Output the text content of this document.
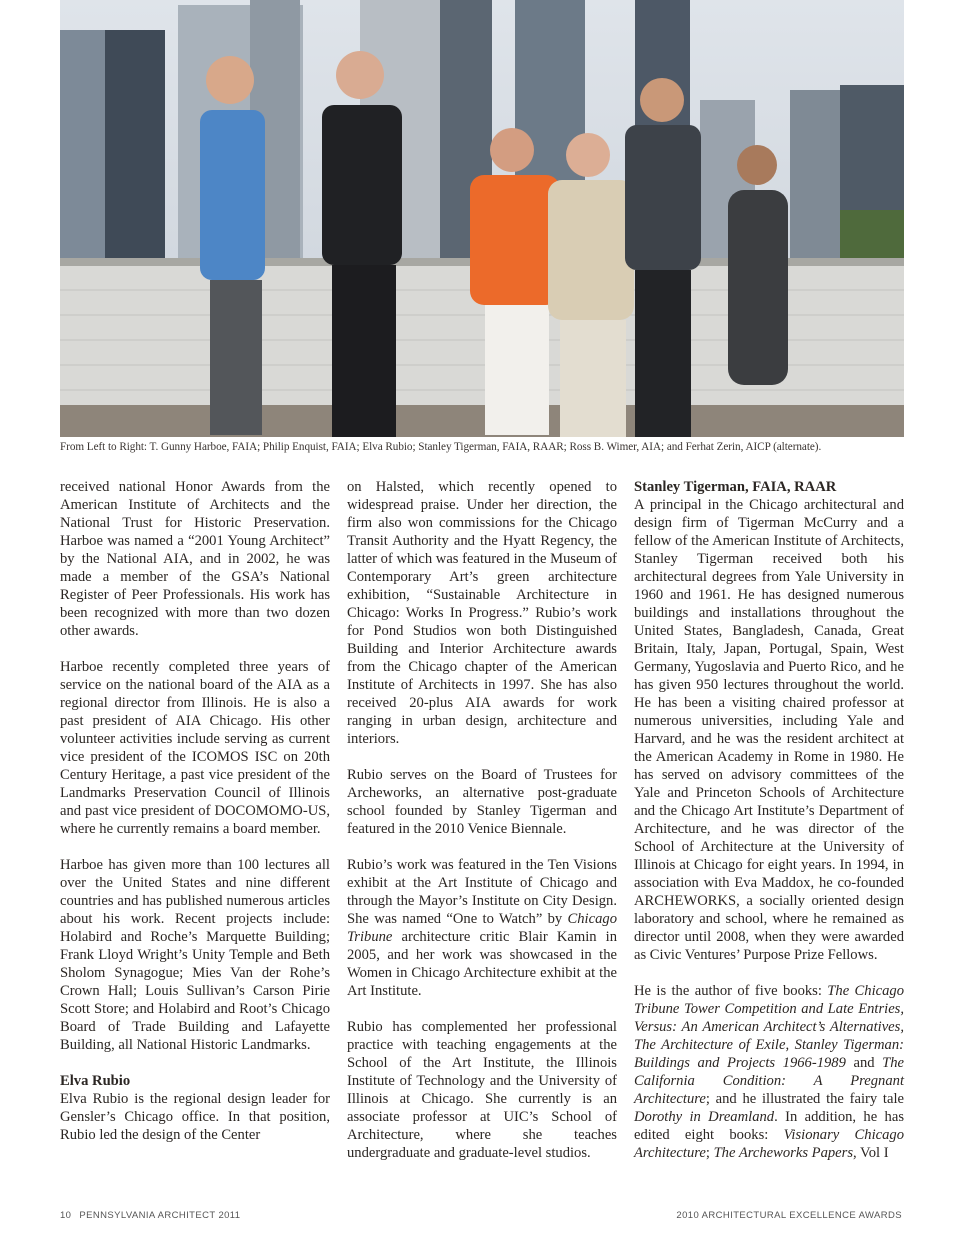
From Left to Right: T. Gunny Harboe, FAIA; Philip Enquist, FAIA; Elva Rubio; Stanley Tigerman, FAIA, RAAR; Ross B. Wimer, AIA; and Ferhat Zerin, AICP (alternate).

received national Honor Awards from the American Institute of Architects and the National Trust for Historic Preservation. Harboe was named a “2001 Young Architect” by the National AIA, and in 2002, he was made a member of the GSA’s National Register of Peer Professionals. His work has been recognized with more than two dozen other awards.

Harboe recently completed three years of service on the national board of the AIA as a regional director from Illinois. He is also a past president of AIA Chicago. His other volunteer activities include serving as current vice president of the ICOMOS ISC on 20th Century Heritage, a past vice president of the Landmarks Preservation Council of Illinois and past vice president of DOCOMOMO-US, where he currently remains a board member.

Harboe has given more than 100 lectures all over the United States and nine different countries and has published numerous articles about his work. Recent projects include: Holabird and Roche’s Marquette Building; Frank Lloyd Wright’s Unity Temple and Beth Sholom Synagogue; Mies Van der Rohe’s Crown Hall; Louis Sullivan’s Carson Pirie Scott Store; and Holabird and Root’s Chicago Board of Trade Building and Lafayette Building, all National Historic Landmarks.

Elva Rubio

Elva Rubio is the regional design leader for Gensler’s Chicago office. In that position, Rubio led the design of the Center

on Halsted, which recently opened to widespread praise. Under her direction, the firm also won commissions for the Chicago Transit Authority and the Hyatt Regency, the latter of which was featured in the Museum of Contemporary Art’s green architecture exhibition, “Sustainable Architecture in Chicago: Works In Progress.” Rubio’s work for Pond Studios won both Distinguished Building and Interior Architecture awards from the Chicago chapter of the American Institute of Architects in 1997. She has also received 20-plus AIA awards for work ranging in urban design, architecture and interiors.

Rubio serves on the Board of Trustees for Archeworks, an alternative post-graduate school founded by Stanley Tigerman and featured in the 2010 Venice Biennale.

Rubio’s work was featured in the Ten Visions exhibit at the Art Institute of Chicago and through the Mayor’s Institute on City Design. She was named “One to Watch” by Chicago Tribune architecture critic Blair Kamin in 2005, and her work was showcased in the Women in Chicago Architecture exhibit at the Art Institute.

Rubio has complemented her professional practice with teaching engagements at the School of the Art Institute, the Illinois Institute of Technology and the University of Illinois at Chicago. She currently is an associate professor at UIC’s School of Architecture, where she teaches undergraduate and graduate-level studios.

Stanley Tigerman, FAIA, RAAR

A principal in the Chicago architectural and design firm of Tigerman McCurry and a fellow of the American Institute of Architects, Stanley Tigerman received both his architectural degrees from Yale University in 1960 and 1961. He has designed numerous buildings and installations throughout the United States, Bangladesh, Canada, Great Britain, Italy, Japan, Portugal, Spain, West Germany, Yugoslavia and Puerto Rico, and he has given 950 lectures throughout the world. He has been a visiting chaired professor at numerous universities, including Yale and Harvard, and he was the resident architect at the American Academy in Rome in 1980. He has served on advisory committees of the Yale and Princeton Schools of Architecture and the Chicago Art Institute’s Department of Architecture, and he was director of the School of Architecture at the University of Illinois at Chicago for eight years. In 1994, in association with Eva Maddox, he co-founded ARCHEWORKS, a socially oriented design laboratory and school, where he remained as director until 2008, when they were awarded as Civic Ventures’ Purpose Prize Fellows.

He is the author of five books: The Chicago Tribune Tower Competition and Late Entries, Versus: An American Architect’s Alternatives, The Architecture of Exile, Stanley Tigerman: Buildings and Projects 1966-1989 and The California Condition: A Pregnant Architecture; and he illustrated the fairy tale Dorothy in Dreamland. In addition, he has edited eight books: Visionary Chicago Architecture; The Archeworks Papers, Vol I

10 PENNSYLVANIA ARCHITECT 2011	2010 ARCHITECTURAL EXCELLENCE AWARDS
